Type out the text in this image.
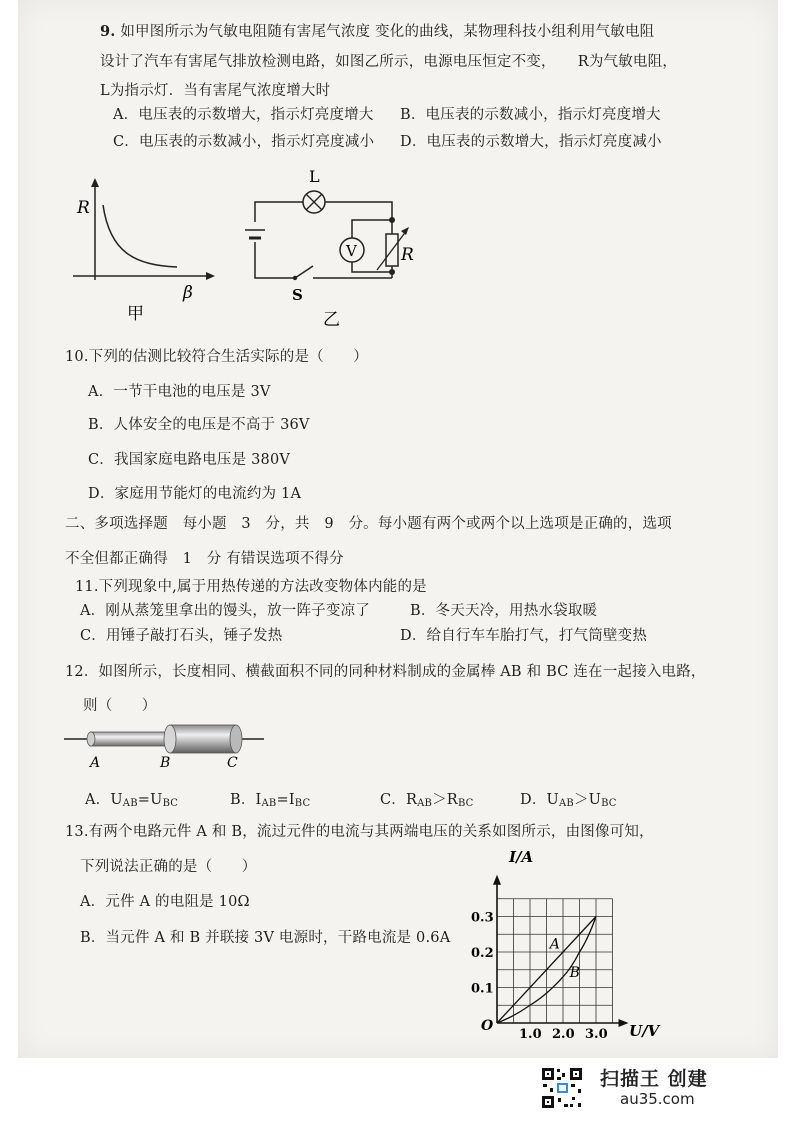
9. 如甲图所示为气敏电阻随有害尾气浓度 变化的曲线，某物理科技小组利用气敏电阻
设计了汽车有害尾气排放检测电路，如图乙所示，电源电压恒定不变， R为气敏电阻，
L为指示灯．当有害尾气浓度增大时
A．电压表的示数增大，指示灯亮度增大 B．电压表的示数减小，指示灯亮度增大
C．电压表的示数减小，指示灯亮度减小 D．电压表的示数增大，指示灯亮度减小
R
β
甲
L
V	R
S
乙
10.下列的估测比较符合生活实际的是（　　）
A．一节干电池的电压是 3V
B．人体安全的电压是不高于 36V
C．我国家庭电路电压是 380V
D．家庭用节能灯的电流约为 1A
二、多项选择题　每小题　3　分，共　9　分。每小题有两个或两个以上选项是正确的，选项
不全但都正确得　1　分 有错误选项不得分
11.下列现象中,属于用热传递的方法改变物体内能的是
A．刚从蒸笼里拿出的馒头，放一阵子变凉了	B．冬天天冷，用热水袋取暖
C．用锤子敲打石头，锤子发热	D．给自行车车胎打气，打气筒壁变热
12．如图所示，长度相同、横截面积不同的同种材料制成的金属棒 AB 和 BC 连在一起接入电路，
则（　　）
A	B	C
A．$U_{AB}=U_{BC}$	B．$I_{AB}=I_{BC}$	C．$R_{AB}>R_{BC}$	D．$U_{AB}>U_{BC}$
13.有两个电路元件 A 和 B，流过元件的电流与其两端电压的关系如图所示，由图像可知，
下列说法正确的是（　　）
A．元件 A 的电阻是 10Ω
B．当元件 A 和 B 并联接 3V 电源时，干路电流是 0.6A
1.0 2.0 3.0
0.1
0.2
0.3
A
B
I/A
U/V
O
扫描王 创建
au35.com
